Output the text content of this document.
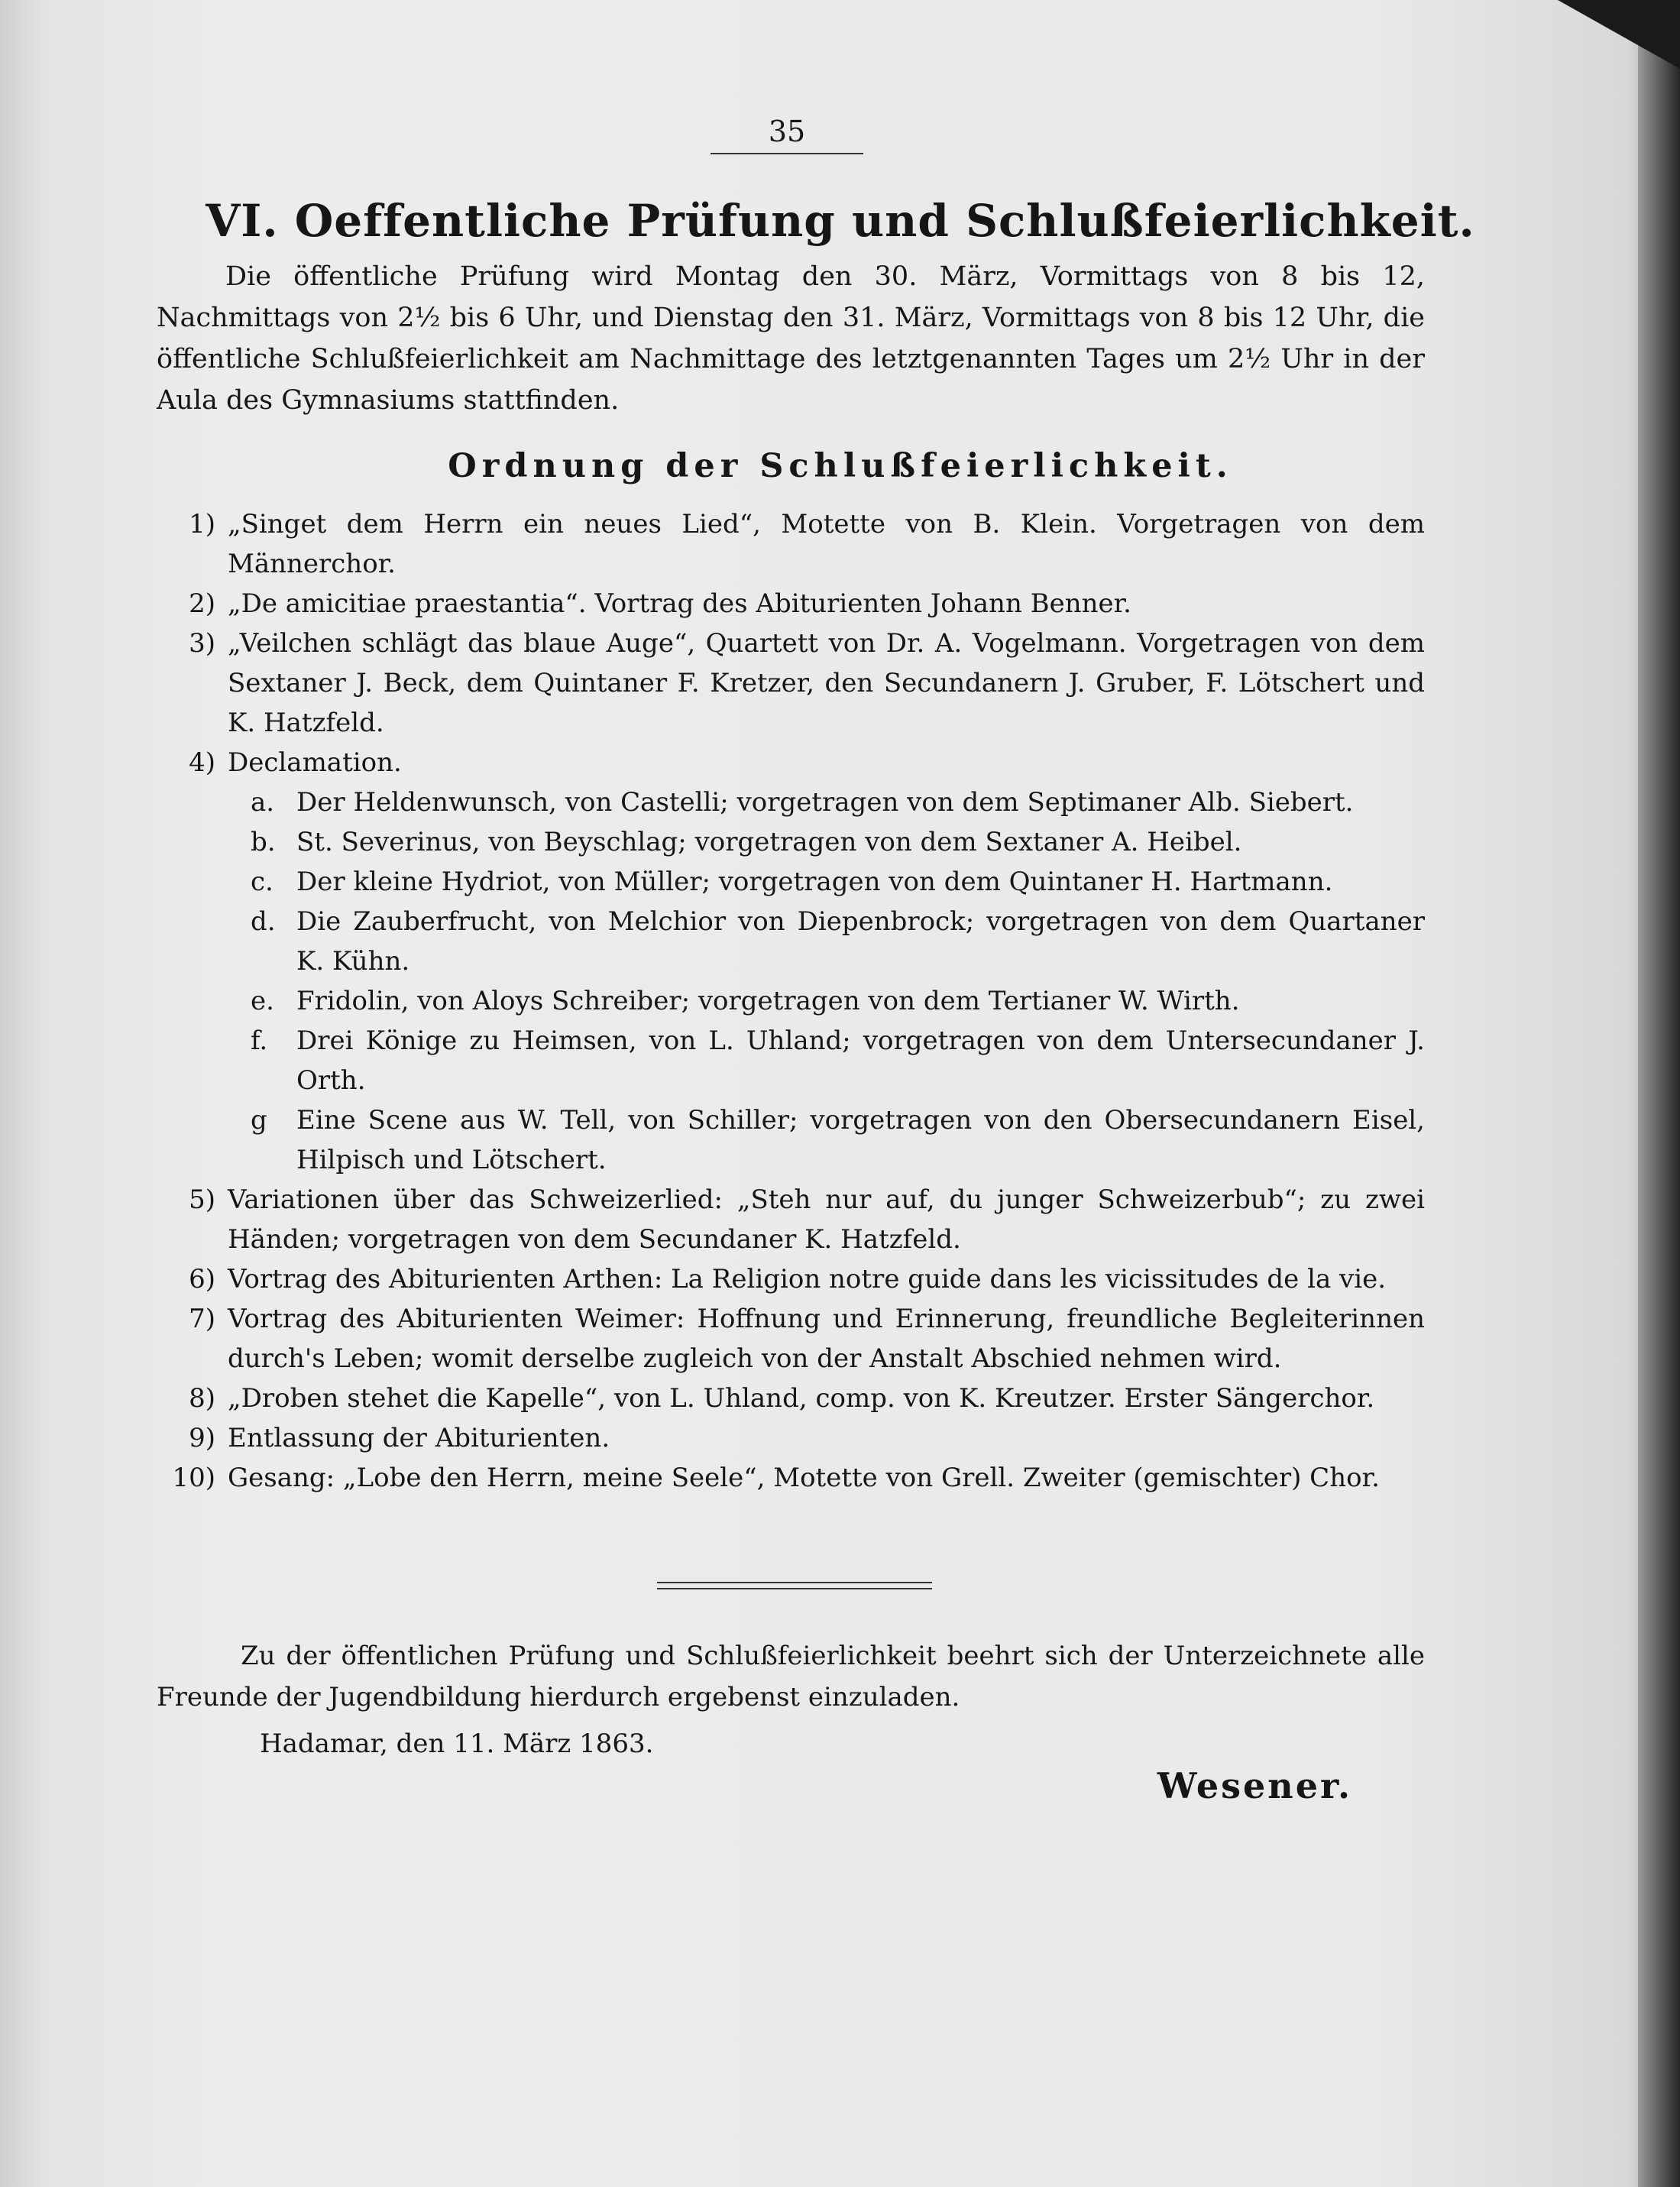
35
VI. Oeffentliche Prüfung und Schlußfeierlichkeit.
Die öffentliche Prüfung wird Montag den 30. März, Vormittags von 8 bis 12, Nachmittags von 2½ bis 6 Uhr, und Dienstag den 31. März, Vormittags von 8 bis 12 Uhr, die öffentliche Schlußfeierlichkeit am Nachmittage des letztgenannten Tages um 2½ Uhr in der Aula des Gymnasiums stattfinden.
Ordnung der Schlußfeierlichkeit.
1) „Singet dem Herrn ein neues Lied“, Motette von B. Klein. Vorgetragen von dem Männerchor.
2) „De amicitiae praestantia“. Vortrag des Abiturienten Johann Benner.
3) „Veilchen schlägt das blaue Auge“, Quartett von Dr. A. Vogelmann. Vorgetragen von dem Sextaner J. Beck, dem Quintaner F. Kretzer, den Secundanern J. Gruber, F. Lötschert und K. Hatzfeld.
4) Declamation.
a. Der Heldenwunsch, von Castelli; vorgetragen von dem Septimaner Alb. Siebert.
b. St. Severinus, von Beyschlag; vorgetragen von dem Sextaner A. Heibel.
c. Der kleine Hydriot, von Müller; vorgetragen von dem Quintaner H. Hartmann.
d. Die Zauberfrucht, von Melchior von Diepenbrock; vorgetragen von dem Quartaner K. Kühn.
e. Fridolin, von Aloys Schreiber; vorgetragen von dem Tertianer W. Wirth.
f. Drei Könige zu Heimsen, von L. Uhland; vorgetragen von dem Untersecundaner J. Orth.
g Eine Scene aus W. Tell, von Schiller; vorgetragen von den Obersecundanern Eisel, Hilpisch und Lötschert.
5) Variationen über das Schweizerlied: „Steh nur auf, du junger Schweizerbub“; zu zwei Händen; vorgetragen von dem Secundaner K. Hatzfeld.
6) Vortrag des Abiturienten Arthen: La Religion notre guide dans les vicissitudes de la vie.
7) Vortrag des Abiturienten Weimer: Hoffnung und Erinnerung, freundliche Begleiterinnen durch's Leben; womit derselbe zugleich von der Anstalt Abschied nehmen wird.
8) „Droben stehet die Kapelle“, von L. Uhland, comp. von K. Kreutzer. Erster Sängerchor.
9) Entlassung der Abiturienten.
10) Gesang: „Lobe den Herrn, meine Seele“, Motette von Grell. Zweiter (gemischter) Chor.
Zu der öffentlichen Prüfung und Schlußfeierlichkeit beehrt sich der Unterzeichnete alle Freunde der Jugendbildung hierdurch ergebenst einzuladen.
Hadamar, den 11. März 1863.
Wesener.
